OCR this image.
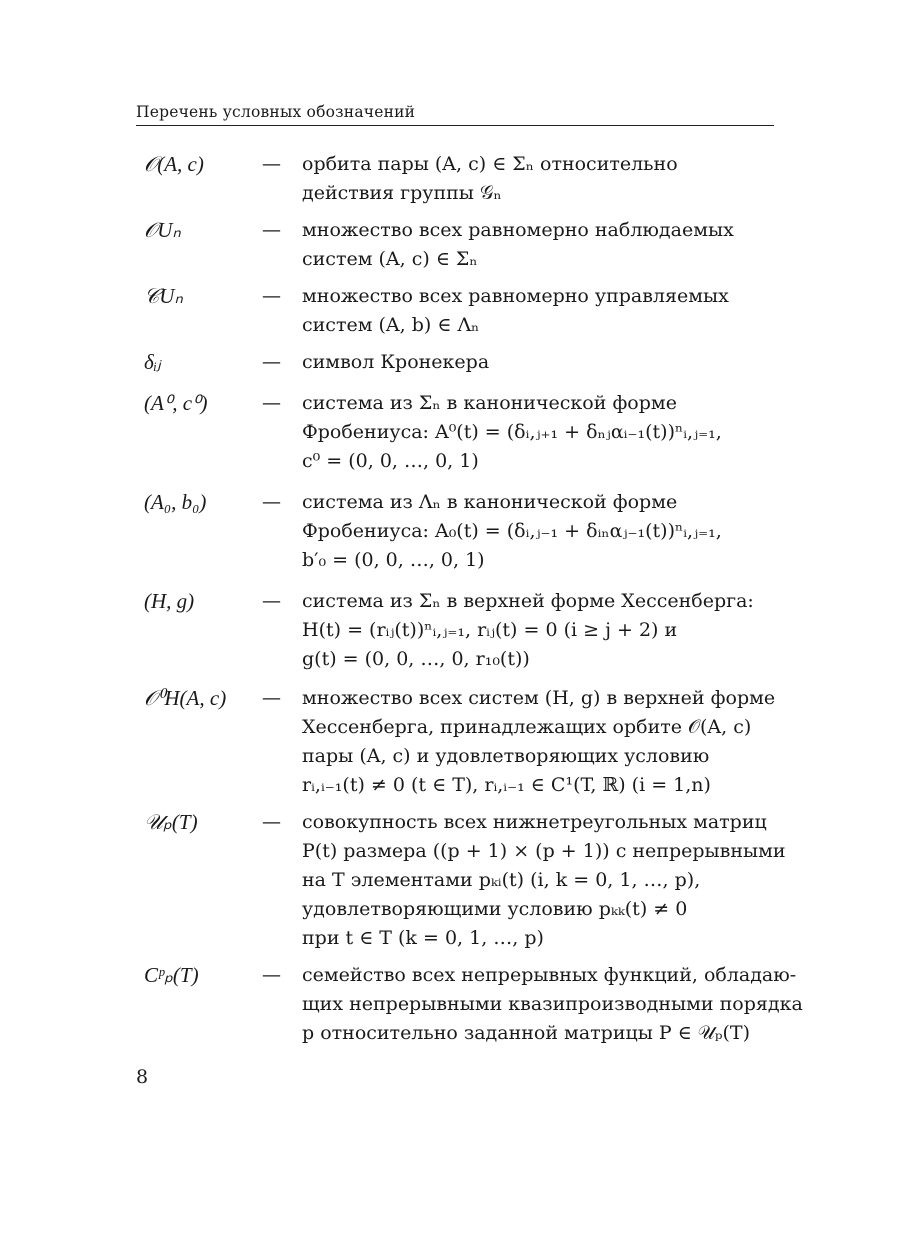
Перечень условных обозначений
𝒪(A, c)	—	орбита пары (A, c) ∈ Σₙ относительно
действия группы 𝒢ₙ
𝒪Uₙ	—	множество всех равномерно наблюдаемых
систем (A, c) ∈ Σₙ
𝒞Uₙ	—	множество всех равномерно управляемых
систем (A, b) ∈ Λₙ
δᵢⱼ	—	символ Кронекера
(A⁰, c⁰)	—	система из Σₙ в канонической форме
Фробениуса: A⁰(t) = (δᵢ,ⱼ₊₁ + δₙⱼαᵢ₋₁(t))ⁿᵢ,ⱼ₌₁,
c⁰ = (0, 0, …, 0, 1)
(A₀, b₀)	—	система из Λₙ в канонической форме
Фробениуса: A₀(t) = (δᵢ,ⱼ₋₁ + δᵢₙαⱼ₋₁(t))ⁿᵢ,ⱼ₌₁,
b′₀ = (0, 0, …, 0, 1)
(H, g)	—	система из Σₙ в верхней форме Хессенберга:
H(t) = (rᵢⱼ(t))ⁿᵢ,ⱼ₌₁, rᵢⱼ(t) = 0 (i ≥ j + 2) и
g(t) = (0, 0, …, 0, r₁₀(t))
𝒪⁰H(A, c)	—	множество всех систем (H, g) в верхней форме
Хессенберга, принадлежащих орбите 𝒪(A, c)
пары (A, c) и удовлетворяющих условию
rᵢ,ᵢ₋₁(t) ≠ 0 (t ∈ T), rᵢ,ᵢ₋₁ ∈ C¹(T, ℝ) (i = 1,n)
𝒰ₚ(T)	—	совокупность всех нижнетреугольных матриц
P(t) размера ((p + 1) × (p + 1)) с непрерывными
на T элементами pₖᵢ(t) (i, k = 0, 1, …, p),
удовлетворяющими условию pₖₖ(t) ≠ 0
при t ∈ T (k = 0, 1, …, p)
Cᵖₚ(T)	—	семейство всех непрерывных функций, обладаю-
щих непрерывными квазипроизводными порядка
p относительно заданной матрицы P ∈ 𝒰ₚ(T)
8
